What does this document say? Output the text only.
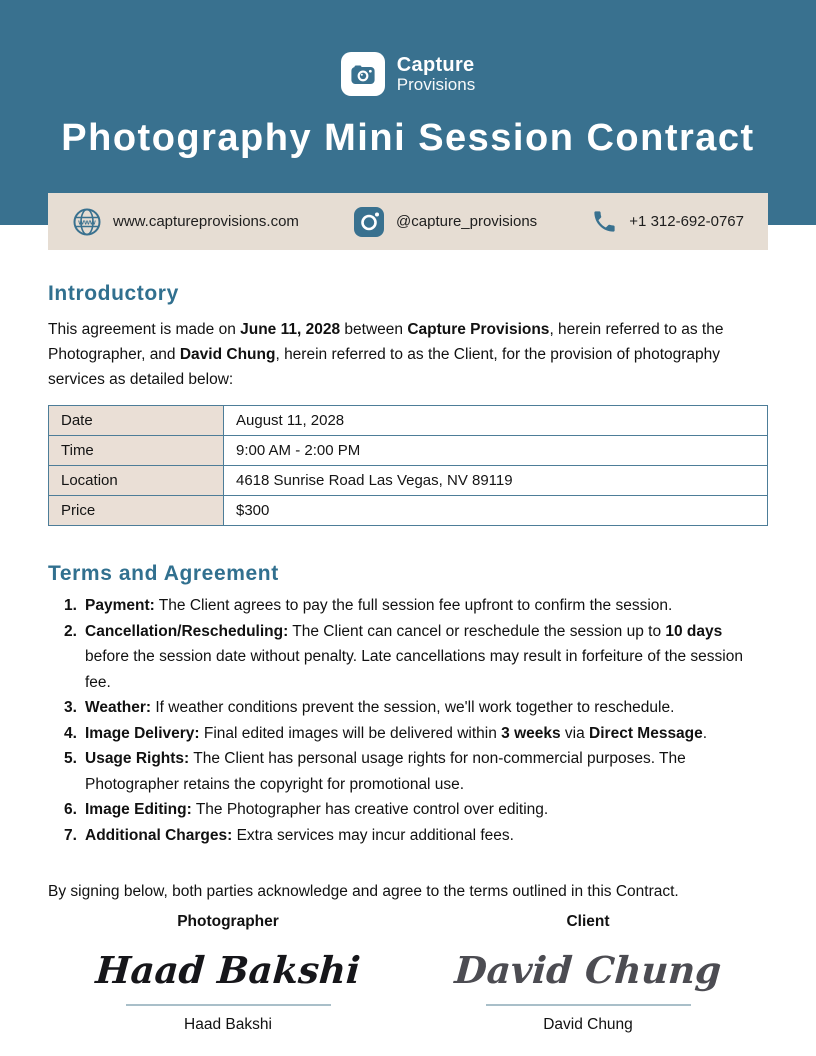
Capture
Provisions
Photography Mini Session Contract
www www.captureprovisions.com	@capture_provisions	+1 312-692-0767
Introductory

This agreement is made on June 11, 2028 between Capture Provisions, herein referred to as the Photographer, and David Chung, herein referred to as the Client, for the provision of photography services as detailed below:

Date	August 11, 2028
Time	9:00 AM - 2:00 PM
Location	4618 Sunrise Road Las Vegas, NV 89119
Price	$300
Terms and Agreement
1. Payment: The Client agrees to pay the full session fee upfront to confirm the session.
2. Cancellation/Rescheduling: The Client can cancel or reschedule the session up to 10 days before the session date without penalty. Late cancellations may result in forfeiture of the session fee.
3. Weather: If weather conditions prevent the session, we'll work together to reschedule.
4. Image Delivery: Final edited images will be delivered within 3 weeks via Direct Message.
5. Usage Rights: The Client has personal usage rights for non-commercial purposes. The Photographer retains the copyright for promotional use.
6. Image Editing: The Photographer has creative control over editing.
7. Additional Charges: Extra services may incur additional fees.

By signing below, both parties acknowledge and agree to the terms outlined in this Contract.

Photographer
Haad Bakshi
Haad Bakshi
Client
David Chung
David Chung
